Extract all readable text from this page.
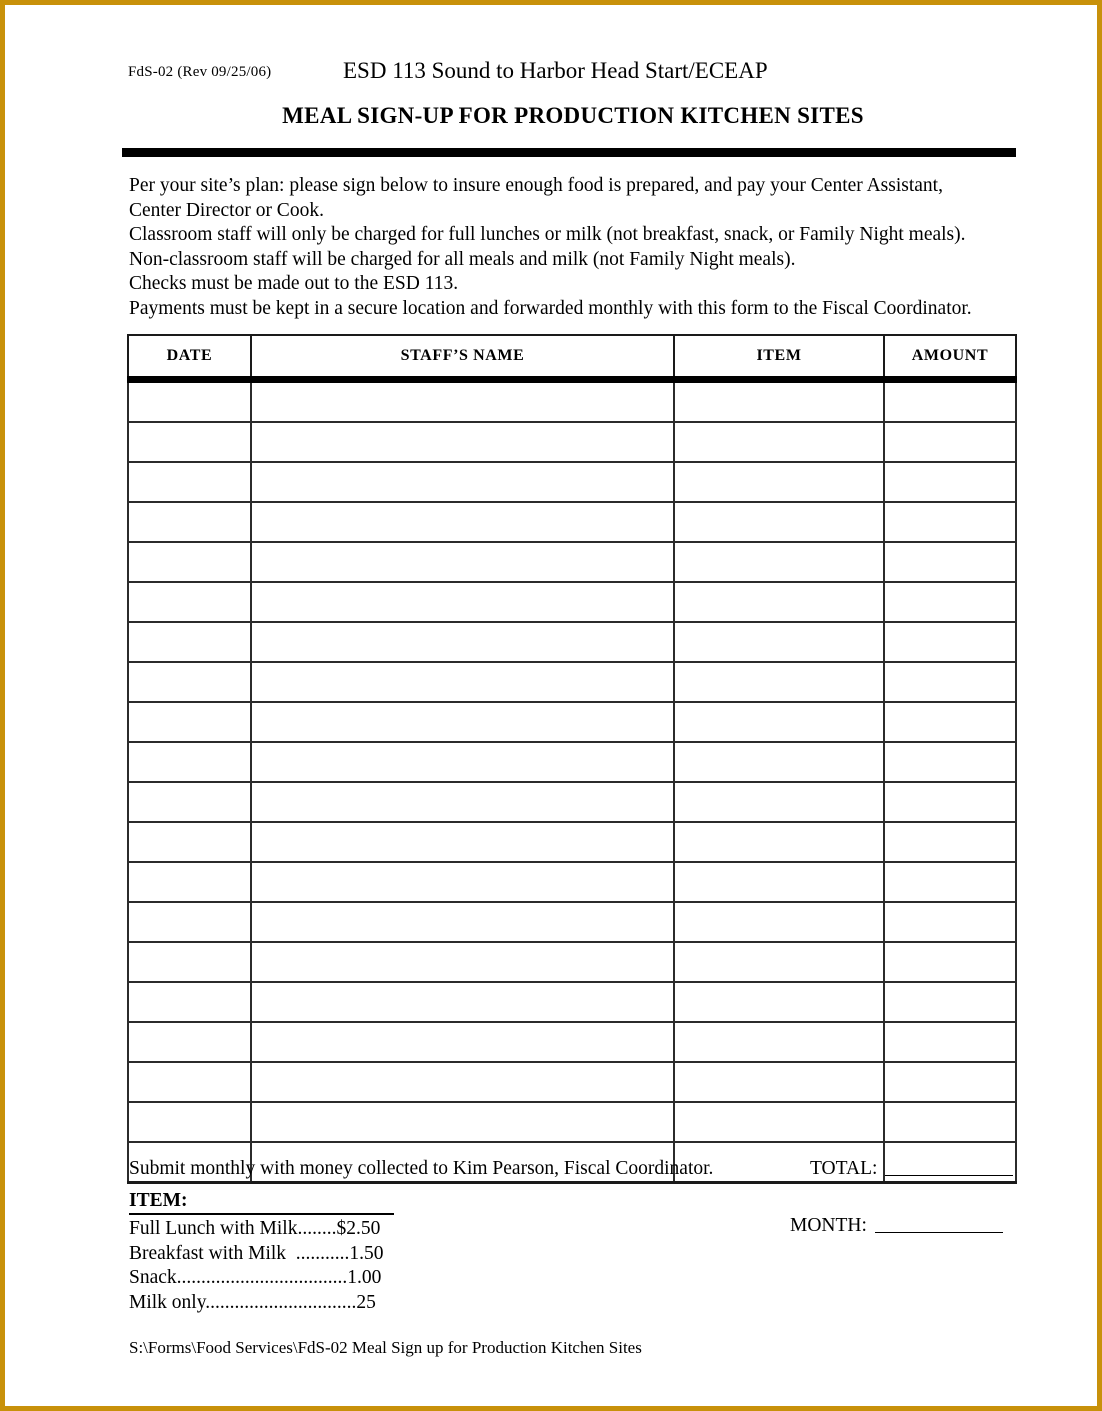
FdS-02 (Rev 09/25/06)	ESD 113 Sound to Harbor Head Start/ECEAP
MEAL SIGN-UP FOR PRODUCTION KITCHEN SITES
Per your site’s plan: please sign below to insure enough food is prepared, and pay your Center Assistant,
Center Director or Cook.
Classroom staff will only be charged for full lunches or milk (not breakfast, snack, or Family Night meals).
Non-classroom staff will be charged for all meals and milk (not Family Night meals).
Checks must be made out to the ESD 113.
Payments must be kept in a secure location and forwarded monthly with this form to the Fiscal Coordinator.
DATE	STAFF’S NAME	ITEM	AMOUNT

Submit monthly with money collected to Kim Pearson, Fiscal Coordinator.	TOTAL:
MONTH:
ITEM:
Full Lunch with Milk........$2.50
Breakfast with Milk  ...........1.50
Snack...................................1.00
Milk only...............................25
S:\Forms\Food Services\FdS-02 Meal Sign up for Production Kitchen Sites
